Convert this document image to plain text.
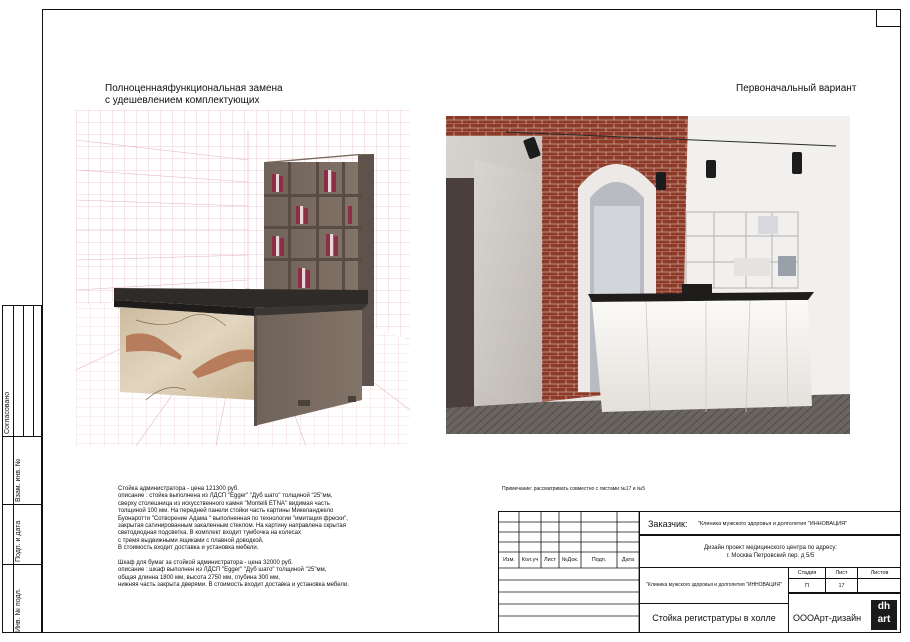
Согласовано
Взам. инв. №
Подп. и дата
Инв. № подл.
Полноценнаяфункциональная замена
с удешевлением комплектующих
Первоначальный вариант
Стойка администратора - цена 121300 руб.
описание : стойка выполнена из ЛДСП "Egger" "Дуб шато" толщиной "25"мм,
сверху столешница из искусственного камня "Montelli ETNA" видимая часть
толщиной 100 мм. На передней панели стойки часть картины Микеланджело
Буонаротти "Сотворение Адама " выполненная по технологии "имитация фрески",
закрытая сатинированным закаленным стеклом. На картину направлена скрытая
светодиодная подсветка. В комплект входит тумбочка на колесах
с тремя выдвижными ящиками с плавной доводкой.
В стоимость входит доставка и установка мебели.

Шкаф для бумаг за стойкой администратора - цена 32000 руб.
описание : шкаф выполнен из ЛДСП "Egger" "Дуб шато" толщиной "25"мм,
общая длинна 1800 мм, высота 2750 мм, глубина 300 мм,
нижняя часть закрыта дверями. В стоимость входит доставка и установка мебели.
Примечание: рассматривать совместно с листами №17 и №5
Изм.	Кол.уч	Лист	№Док.	Подп.	Дата
Заказчик: "Клиника мужского здоровья и долголетия "ИННОВАЦИЯ"
Дизайн проект медицинского центра по адресу:
г. Москва Петровский пер. д 5/5
"Клиника мужского здоровья и долголетия "ИННОВАЦИЯ"
Стадия	Лист	Листов
П	17
Стойка регистратуры в холле	ОООАрт-дизайн
dh art
